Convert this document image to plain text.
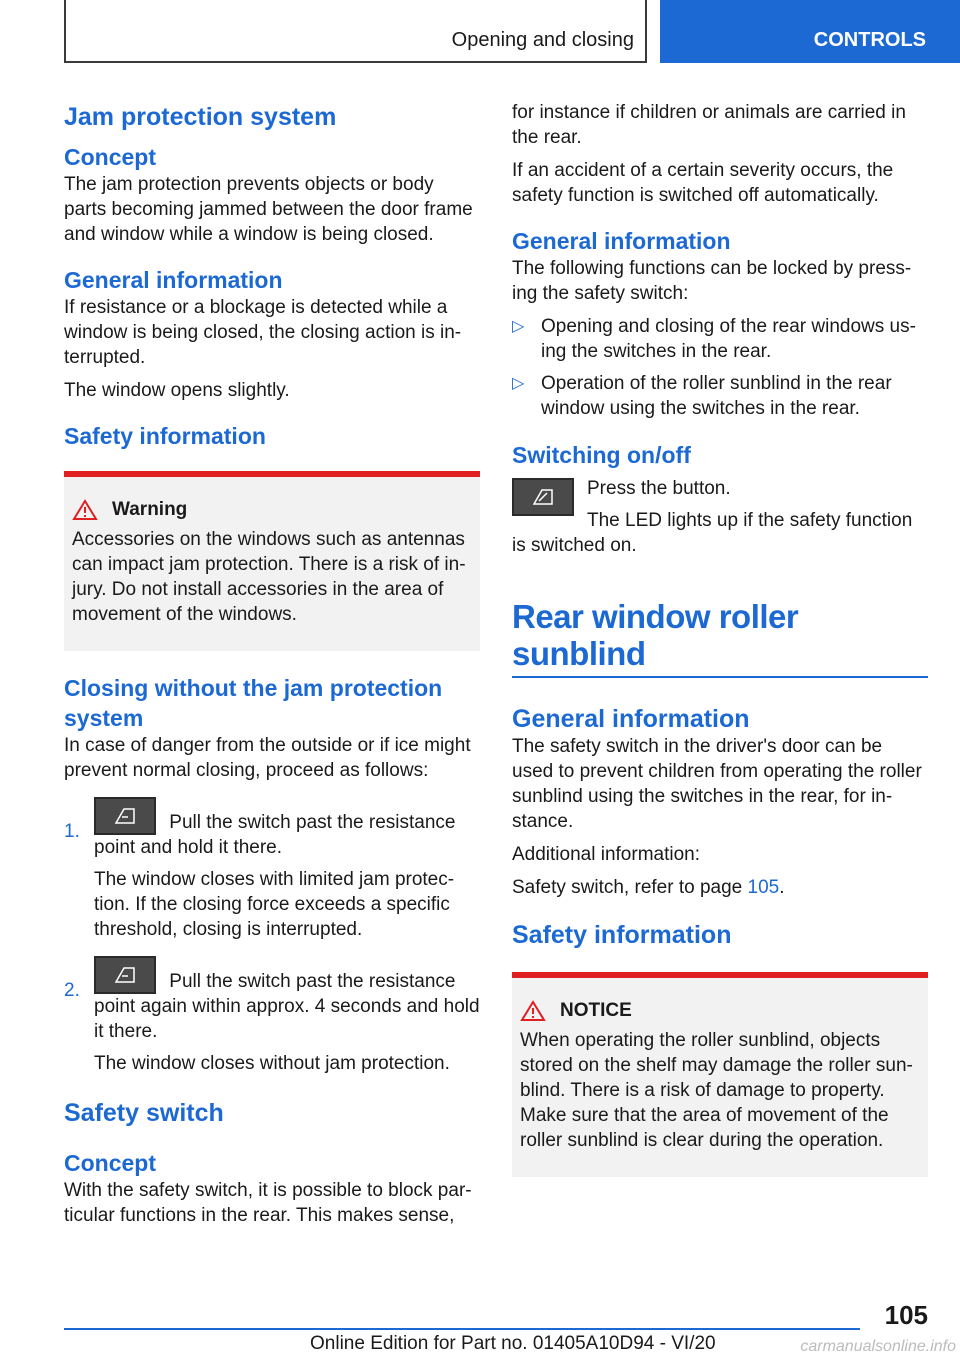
Opening and closing	CONTROLS
Jam protection system
Concept

The jam protection prevents objects or body parts becoming jammed between the door frame and window while a window is being closed.

General information

If resistance or a blockage is detected while a window is being closed, the closing action is in- terrupted.

The window opens slightly.

Safety information
Warning

Accessories on the windows such as antennas can impact jam protection. There is a risk of in- jury. Do not install accessories in the area of movement of the windows.

Closing without the jam protection system

In case of danger from the outside or if ice might prevent normal closing, proceed as follows:

1.	Pull the switch past the resistance point and hold it there.

The window closes with limited jam protec- tion. If the closing force exceeds a specific threshold, closing is interrupted.

2.	Pull the switch past the resistance point again within approx. 4 seconds and hold it there.

The window closes without jam protection.

Safety switch
Concept

With the safety switch, it is possible to block par- ticular functions in the rear. This makes sense,

for instance if children or animals are carried in the rear.

If an accident of a certain severity occurs, the safety function is switched off automatically.

General information

The following functions can be locked by press- ing the safety switch:

▷ Opening and closing of the rear windows us- ing the switches in the rear.
▷ Operation of the roller sunblind in the rear window using the switches in the rear.
Switching on/off

Press the button.

The LED lights up if the safety function

is switched on.

Rear window roller sunblind
General information

The safety switch in the driver's door can be used to prevent children from operating the roller sunblind using the switches in the rear, for in- stance.

Additional information:

Safety switch, refer to page 105.

Safety information
NOTICE

When operating the roller sunblind, objects stored on the shelf may damage the roller sun- blind. There is a risk of damage to property. Make sure that the area of movement of the roller sunblind is clear during the operation.

105
Online Edition for Part no. 01405A10D94 - VI/20	carmanualsonline.info
